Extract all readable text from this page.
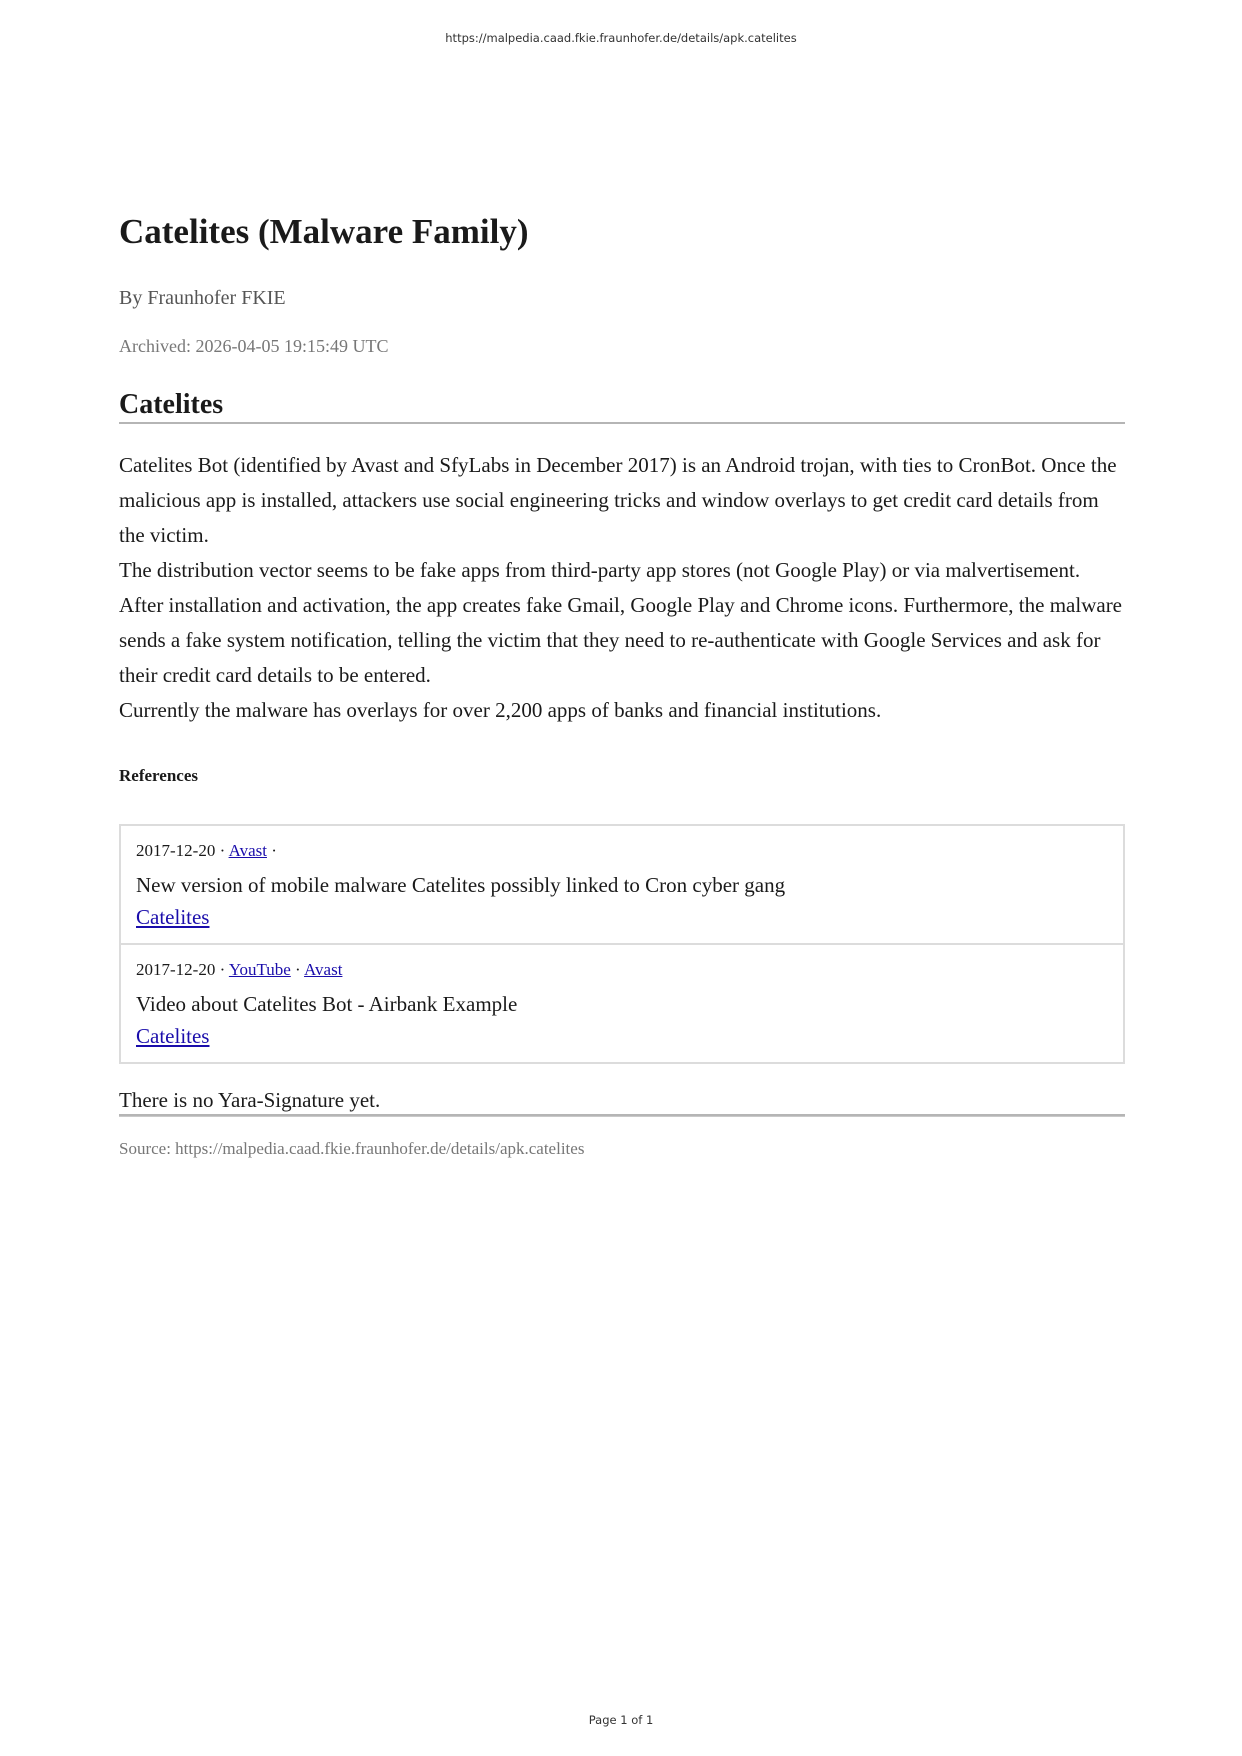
https://malpedia.caad.fkie.fraunhofer.de/details/apk.catelites
Catelites (Malware Family)
By Fraunhofer FKIE
Archived: 2026-04-05 19:15:49 UTC
Catelites

Catelites Bot (identified by Avast and SfyLabs in December 2017) is an Android trojan, with ties to CronBot. Once the malicious app is installed, attackers use social engineering tricks and window overlays to get credit card details from the victim.

The distribution vector seems to be fake apps from third-party app stores (not Google Play) or via malvertisement. After installation and activation, the app creates fake Gmail, Google Play and Chrome icons. Furthermore, the malware sends a fake system notification, telling the victim that they need to re-authenticate with Google Services and ask for their credit card details to be entered.

Currently the malware has overlays for over 2,200 apps of banks and financial institutions.

References
2017-12-20 · Avast ·
New version of mobile malware Catelites possibly linked to Cron cyber gang
Catelites
2017-12-20 · YouTube · Avast
Video about Catelites Bot - Airbank Example
Catelites
There is no Yara-Signature yet.
Source: https://malpedia.caad.fkie.fraunhofer.de/details/apk.catelites
Page 1 of 1
